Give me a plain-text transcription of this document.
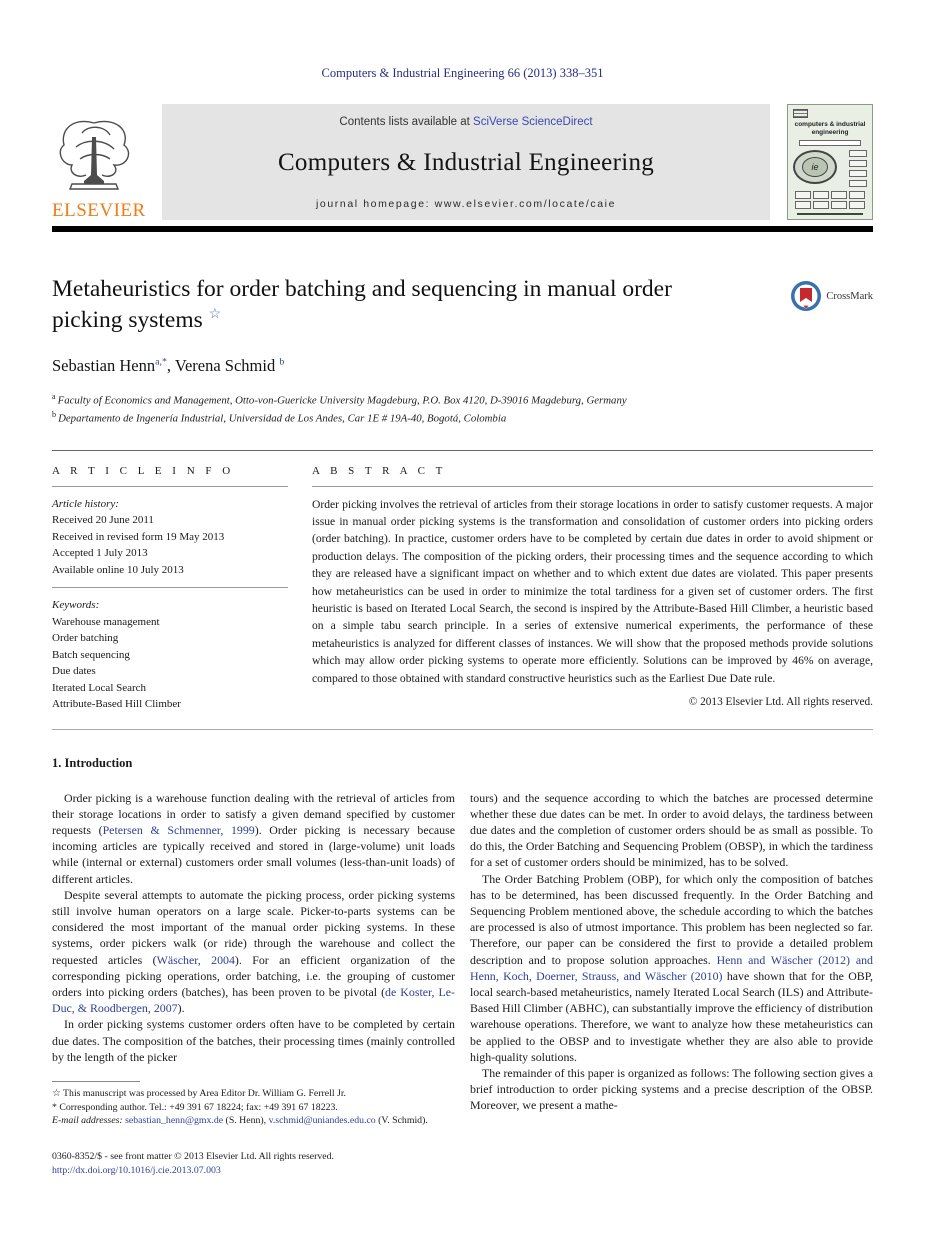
Computers & Industrial Engineering 66 (2013) 338–351
ELSEVIER
Contents lists available at SciVerse ScienceDirect
Computers & Industrial Engineering
journal homepage: www.elsevier.com/locate/caie
computers & industrial engineering
ie
Metaheuristics for order batching and sequencing in manual order picking systems ☆
CrossMark
Sebastian Henn$^{a,*}$, Verena Schmid $^b$
$^a$ Faculty of Economics and Management, Otto-von-Guericke University Magdeburg, P.O. Box 4120, D-39016 Magdeburg, Germany
$^b$ Departamento de Ingenería Industrial, Universidad de Los Andes, Car 1E # 19A-40, Bogotá, Colombia
A R T I C L E I N F O
Article history:
Received 20 June 2011
Received in revised form 19 May 2013
Accepted 1 July 2013
Available online 10 July 2013
Keywords:
Warehouse management
Order batching
Batch sequencing
Due dates
Iterated Local Search
Attribute-Based Hill Climber
A B S T R A C T
Order picking involves the retrieval of articles from their storage locations in order to satisfy customer requests. A major issue in manual order picking systems is the transformation and consolidation of customer orders into picking orders (order batching). In practice, customer orders have to be completed by certain due dates in order to avoid shipment or production delays. The composition of the picking orders, their processing times and the sequence according to which they are released have a significant impact on whether and to which extent due dates are violated. This paper presents how metaheuristics can be used in order to minimize the total tardiness for a given set of customer orders. The first heuristic is based on Iterated Local Search, the second is inspired by the Attribute-Based Hill Climber, a heuristic based on a simple tabu search principle. In a series of extensive numerical experiments, the performance of these metaheuristics is analyzed for different classes of instances. We will show that the proposed methods provide solutions which may allow order picking systems to operate more efficiently. Solutions can be improved by 46% on average, compared to those obtained with standard constructive heuristics such as the Earliest Due Date rule.
© 2013 Elsevier Ltd. All rights reserved.
1. Introduction

Order picking is a warehouse function dealing with the retrieval of articles from their storage locations in order to satisfy a given demand specified by customer requests (Petersen & Schmenner, 1999). Order picking is necessary because incoming articles are typically received and stored in (large-volume) unit loads while (internal or external) customers order small volumes (less-than-unit loads) of different articles.

Despite several attempts to automate the picking process, order picking systems still involve human operators on a large scale. Picker-to-parts systems can be considered the most important of the manual order picking systems. In these systems, order pickers walk (or ride) through the warehouse and collect the requested articles (Wäscher, 2004). For an efficient organization of the corresponding picking operations, order batching, i.e. the grouping of customer orders into picking orders (batches), has been proven to be pivotal (de Koster, Le-Duc, & Roodbergen, 2007).

In order picking systems customer orders often have to be completed by certain due dates. The composition of the batches, their processing times (mainly controlled by the length of the picker

☆ This manuscript was processed by Area Editor Dr. William G. Ferrell Jr.

* Corresponding author. Tel.: +49 391 67 18224; fax: +49 391 67 18223.

E-mail addresses: sebastian_henn@gmx.de (S. Henn), v.schmid@uniandes.edu.co (V. Schmid).

0360-8352/$ - see front matter © 2013 Elsevier Ltd. All rights reserved.
http://dx.doi.org/10.1016/j.cie.2013.07.003

tours) and the sequence according to which the batches are processed determine whether these due dates can be met. In order to avoid delays, the tardiness between due dates and the completion of customer orders should be as small as possible. To do this, the Order Batching and Sequencing Problem (OBSP), in which the tardiness for a set of customer orders should be minimized, has to be solved.

The Order Batching Problem (OBP), for which only the composition of batches has to be determined, has been discussed frequently. In the Order Batching and Sequencing Problem mentioned above, the schedule according to which the batches are processed is also of utmost importance. This problem has been neglected so far. Therefore, our paper can be considered the first to provide a detailed problem description and to propose solution approaches. Henn and Wäscher (2012) and Henn, Koch, Doerner, Strauss, and Wäscher (2010) have shown that for the OBP, local search-based metaheuristics, namely Iterated Local Search (ILS) and Attribute-Based Hill Climber (ABHC), can substantially improve the efficiency of distribution warehouse operations. Therefore, we want to analyze how these metaheuristics can be applied to the OBSP and to investigate whether they are also able to provide high-quality solutions.

The remainder of this paper is organized as follows: The following section gives a brief introduction to order picking systems and a precise description of the OBSP. Moreover, we present a mathe-
